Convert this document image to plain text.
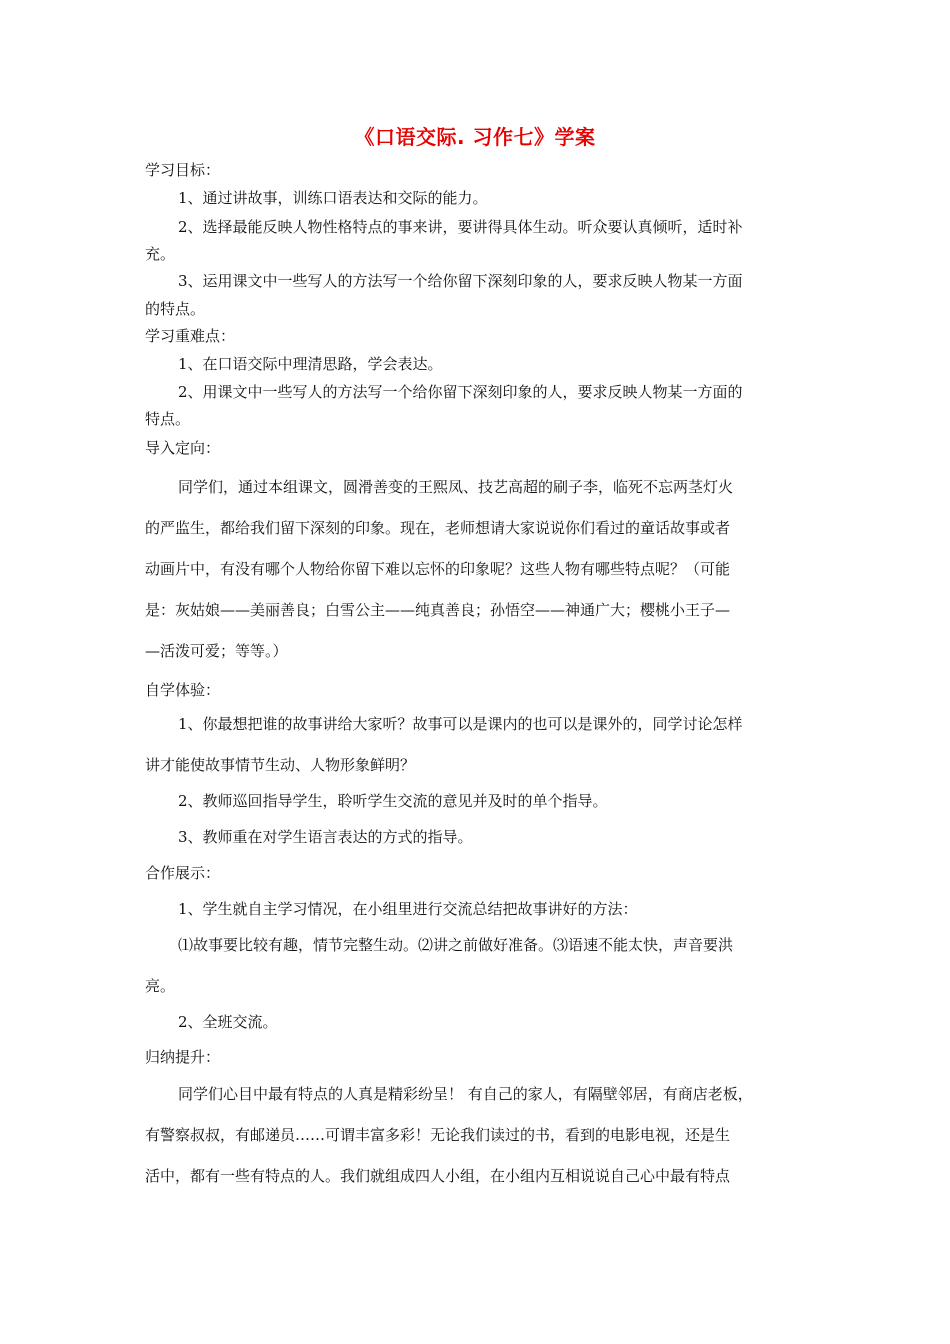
《口语交际. 习作七》学案
学习目标：
1、通过讲故事，训练口语表达和交际的能力。
2、选择最能反映人物性格特点的事来讲，要讲得具体生动。听众要认真倾听，适时补
充。
3、运用课文中一些写人的方法写一个给你留下深刻印象的人，要求反映人物某一方面
的特点。
学习重难点：
1、在口语交际中理清思路，学会表达。
2、用课文中一些写人的方法写一个给你留下深刻印象的人，要求反映人物某一方面的
特点。
导入定向：
同学们，通过本组课文，圆滑善变的王熙凤、技艺高超的刷子李，临死不忘两茎灯火
的严监生，都给我们留下深刻的印象。现在，老师想请大家说说你们看过的童话故事或者
动画片中，有没有哪个人物给你留下难以忘怀的印象呢？这些人物有哪些特点呢？（可能
是：灰姑娘——美丽善良；白雪公主——纯真善良；孙悟空——神通广大；樱桃小王子—
—活泼可爱；等等。）
自学体验：
1、你最想把谁的故事讲给大家听？故事可以是课内的也可以是课外的，同学讨论怎样
讲才能使故事情节生动、人物形象鲜明？
2、教师巡回指导学生，聆听学生交流的意见并及时的单个指导。
3、教师重在对学生语言表达的方式的指导。
合作展示：
1、学生就自主学习情况，在小组里进行交流总结把故事讲好的方法：
⑴故事要比较有趣，情节完整生动。⑵讲之前做好准备。⑶语速不能太快，声音要洪
亮。
2、全班交流。
归纳提升：
同学们心目中最有特点的人真是精彩纷呈！ 有自己的家人，有隔壁邻居，有商店老板，
有警察叔叔，有邮递员……可谓丰富多彩！无论我们读过的书，看到的电影电视，还是生
活中，都有一些有特点的人。我们就组成四人小组，在小组内互相说说自己心中最有特点
